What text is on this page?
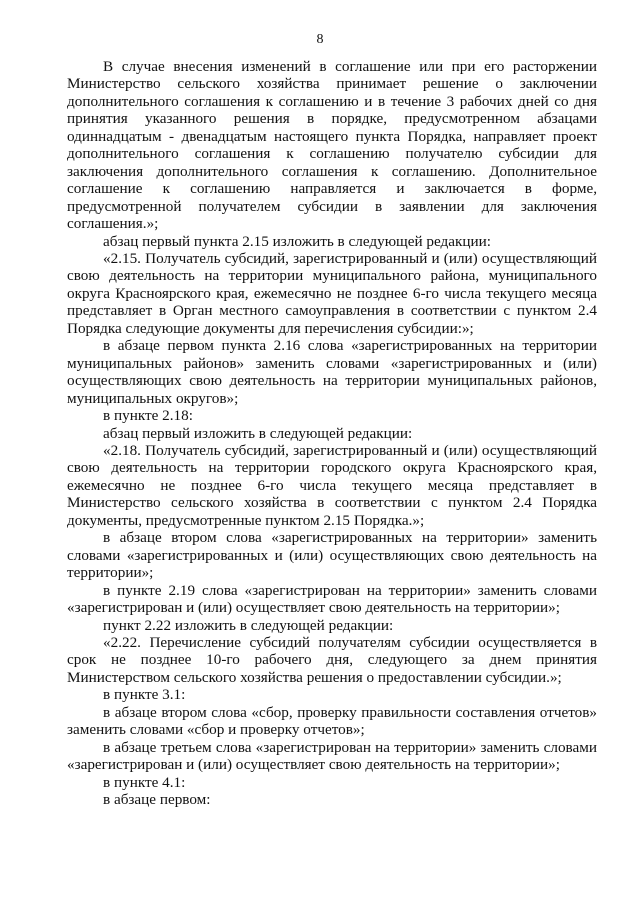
8

В случае внесения изменений в соглашение или при его расторжении Министерство сельского хозяйства принимает решение о заключении дополнительного соглашения к соглашению и в течение 3 рабочих дней со дня принятия указанного решения в порядке, предусмотренном абзацами одиннадцатым - двенадцатым настоящего пункта Порядка, направляет проект дополнительного соглашения к соглашению получателю субсидии для заключения дополнительного соглашения к соглашению. Дополнительное соглашение к соглашению направляется и заключается в форме, предусмотренной получателем субсидии в заявлении для заключения соглашения.»;

абзац первый пункта 2.15 изложить в следующей редакции:

«2.15. Получатель субсидий, зарегистрированный и (или) осуществляющий свою деятельность на территории муниципального района, муниципального округа Красноярского края, ежемесячно не позднее 6-го числа текущего месяца представляет в Орган местного самоуправления в соответствии с пунктом 2.4 Порядка следующие документы для перечисления субсидии:»;

в абзаце первом пункта 2.16 слова «зарегистрированных на территории муниципальных районов» заменить словами «зарегистрированных и (или) осуществляющих свою деятельность на территории муниципальных районов, муниципальных округов»;

в пункте 2.18:

абзац первый изложить в следующей редакции:

«2.18. Получатель субсидий, зарегистрированный и (или) осуществляющий свою деятельность на территории городского округа Красноярского края, ежемесячно не позднее 6-го числа текущего месяца представляет в Министерство сельского хозяйства в соответствии с пунктом 2.4 Порядка документы, предусмотренные пунктом 2.15 Порядка.»;

в абзаце втором слова «зарегистрированных на территории» заменить словами «зарегистрированных и (или) осуществляющих свою деятельность на территории»;

в пункте 2.19 слова «зарегистрирован на территории» заменить словами «зарегистрирован и (или) осуществляет свою деятельность на территории»;

пункт 2.22 изложить в следующей редакции:

«2.22. Перечисление субсидий получателям субсидии осуществляется в срок не позднее 10-го рабочего дня, следующего за днем принятия Министерством сельского хозяйства решения о предоставлении субсидии.»;

в пункте 3.1:

в абзаце втором слова «сбор, проверку правильности составления отчетов» заменить словами «сбор и проверку отчетов»;

в абзаце третьем слова «зарегистрирован на территории» заменить словами «зарегистрирован и (или) осуществляет свою деятельность на территории»;

в пункте 4.1:

в абзаце первом:
